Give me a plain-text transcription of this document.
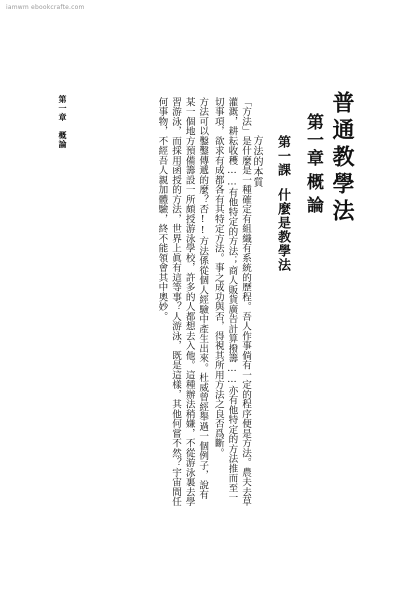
iamwm ebookcrafte.com
普通教學法
第一章
概論
第一課
什麼是教學法
方法的本質
「方法」是什麼是一種確定有組織有系統的歷程。吾人作事倘有一定的程序便是方法。農夫去草灌溉，耕耘收穫……有他特定的方法；商人販貨廣告計算撥籌……亦有他特定的方法推而至一切事項，欲求有成都各有其特定方法。事之成功與否，得視其所用方法之良否爲斷。
方法可以鑿鑿傳遞的麼？否!!方法係從個人經驗中產生出來。杜威曾經舉過一個例子，說有某一個地方預備籌設一所頗授游泳學校，許多的人都想去入他。這種辦法稍嫌，不從游泳裏去學習游泳，而採用函授的方法，世界上眞有這等事？人游泳，既是這樣，其他何嘗不然？宇宙間任何事物，不經吾人親加體驗，終不能領會其中奧妙。
第一章　概論
